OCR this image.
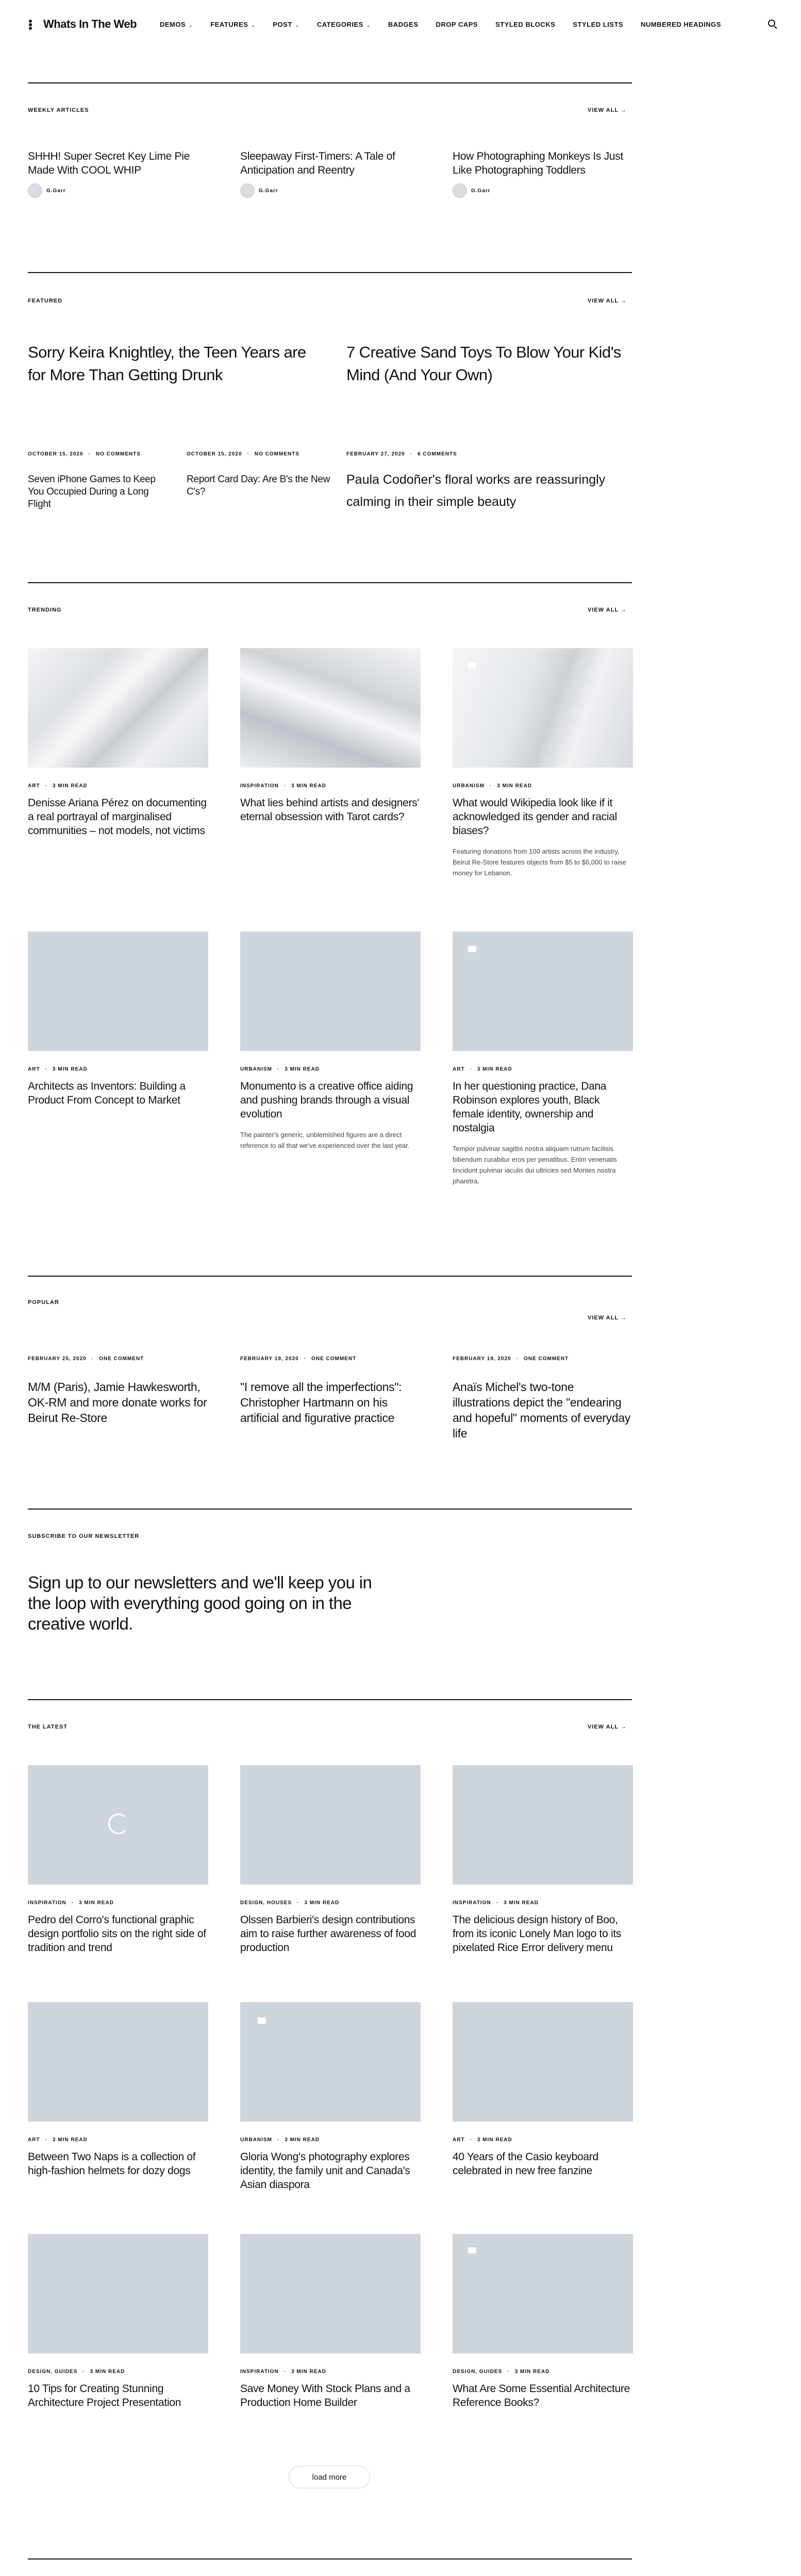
Whats In The Web	DEMOS ⌄	FEATURES ⌄	POST ⌄	CATEGORIES ⌄	BADGES	DROP CAPS	STYLED BLOCKS	STYLED LISTS	NUMBERED HEADINGS
WEEKLY ARTICLES	VIEW ALL →
SHHH! Super Secret Key Lime Pie Made With COOL WHIP
G.Garr
Sleepaway First-Timers: A Tale of Anticipation and Reentry
G.Garr
How Photographing Monkeys Is Just Like Photographing Toddlers
G.Garr
FEATURED	VIEW ALL →
Sorry Keira Knightley, the Teen Years are for More Than Getting Drunk
7 Creative Sand Toys To Blow Your Kid's Mind (And Your Own)
OCTOBER 15, 2020 · NO COMMENTS
Seven iPhone Games to Keep You Occupied During a Long Flight
OCTOBER 15, 2020 · NO COMMENTS
Report Card Day: Are B's the New C's?
FEBRUARY 27, 2020 · 6 COMMENTS
Paula Codoñer's floral works are reassuringly calming in their simple beauty
TRENDING	VIEW ALL →
ART · 3 MIN READ
Denisse Ariana Pérez on documenting a real portrayal of marginalised communities – not models, not victims
INSPIRATION · 3 MIN READ
What lies behind artists and designers' eternal obsession with Tarot cards?
URBANISM · 3 MIN READ
What would Wikipedia look like if it acknowledged its gender and racial biases?
Featuring donations from 100 artists across the industry, Beirut Re-Store features objects from $5 to $6,000 to raise money for Lebanon.
ART · 3 MIN READ
Architects as Inventors: Building a Product From Concept to Market
URBANISM · 3 MIN READ
Monumento is a creative office aiding and pushing brands through a visual evolution
The painter's generic, unblemished figures are a direct reference to all that we've experienced over the last year.
ART · 3 MIN READ
In her questioning practice, Dana Robinson explores youth, Black female identity, ownership and nostalgia
Tempor pulvinar sagittis nostra aliquam rutrum facilisis bibendum curabitur eros per penatibus. Enim venenatis tincidunt pulvinar iaculis dui ultricies sed Montes nostra pharetra.
POPULAR
VIEW ALL →
FEBRUARY 25, 2020 · ONE COMMENT
M/M (Paris), Jamie Hawkesworth, OK-RM and more donate works for Beirut Re-Store
FEBRUARY 19, 2020 · ONE COMMENT
"I remove all the imperfections": Christopher Hartmann on his artificial and figurative practice
FEBRUARY 19, 2020 · ONE COMMENT
Anaïs Michel's two-tone illustrations depict the "endearing and hopeful" moments of everyday life
SUBSCRIBE TO OUR NEWSLETTER
Sign up to our newsletters and we'll keep you in the loop with everything good going on in the creative world.
THE LATEST	VIEW ALL →
INSPIRATION · 3 MIN READ
Pedro del Corro's functional graphic design portfolio sits on the right side of tradition and trend
DESIGN, HOUSES · 3 MIN READ
Olssen Barbieri's design contributions aim to raise further awareness of food production
INSPIRATION · 3 MIN READ
The delicious design history of Boo, from its iconic Lonely Man logo to its pixelated Rice Error delivery menu
ART · 3 MIN READ
Between Two Naps is a collection of high-fashion helmets for dozy dogs
URBANISM · 3 MIN READ
Gloria Wong's photography explores identity, the family unit and Canada's Asian diaspora
ART · 3 MIN READ
40 Years of the Casio keyboard celebrated in new free fanzine
DESIGN, GUIDES · 3 MIN READ
10 Tips for Creating Stunning Architecture Project Presentation
INSPIRATION · 3 MIN READ
Save Money With Stock Plans and a Production Home Builder
DESIGN, GUIDES · 3 MIN READ
What Are Some Essential Architecture Reference Books?
load more
